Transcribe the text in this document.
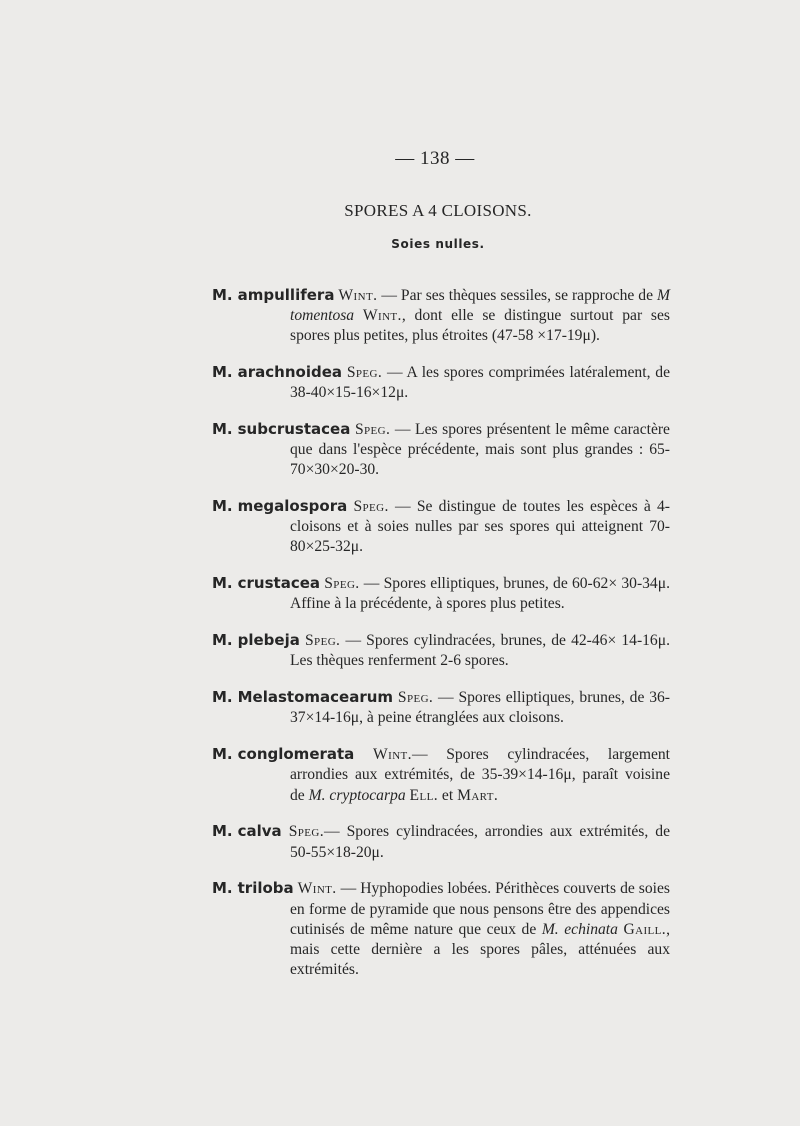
— 138 —
SPORES A 4 CLOISONS.
Soies nulles.

M. ampullifera Wint. — Par ses thèques sessiles, se rapproche de M tomentosa Wint., dont elle se distingue surtout par ses spores plus petites, plus étroites (47-58 ×17-19μ).

M. arachnoidea Speg. — A les spores comprimées latéralement, de 38-40×15-16×12μ.

M. subcrustacea Speg. — Les spores présentent le même caractère que dans l'espèce précédente, mais sont plus grandes : 65-70×30×20-30.

M. megalospora Speg. — Se distingue de toutes les espèces à 4-cloisons et à soies nulles par ses spores qui atteignent 70-80×25-32μ.

M. crustacea Speg. — Spores elliptiques, brunes, de 60-62× 30-34μ. Affine à la précédente, à spores plus petites.

M. plebeja Speg. — Spores cylindracées, brunes, de 42-46× 14-16μ. Les thèques renferment 2-6 spores.

M. Melastomacearum Speg. — Spores elliptiques, brunes, de 36-37×14-16μ, à peine étranglées aux cloisons.

M. conglomerata Wint.— Spores cylindracées, largement arrondies aux extrémités, de 35-39×14-16μ, paraît voisine de M. cryptocarpa Ell. et Mart.

M. calva Speg.— Spores cylindracées, arrondies aux extrémités, de 50-55×18-20μ.

M. triloba Wint. — Hyphopodies lobées. Périthèces couverts de soies en forme de pyramide que nous pensons être des appendices cutinisés de même nature que ceux de M. echinata Gaill., mais cette dernière a les spores pâles, atténuées aux extrémités.
